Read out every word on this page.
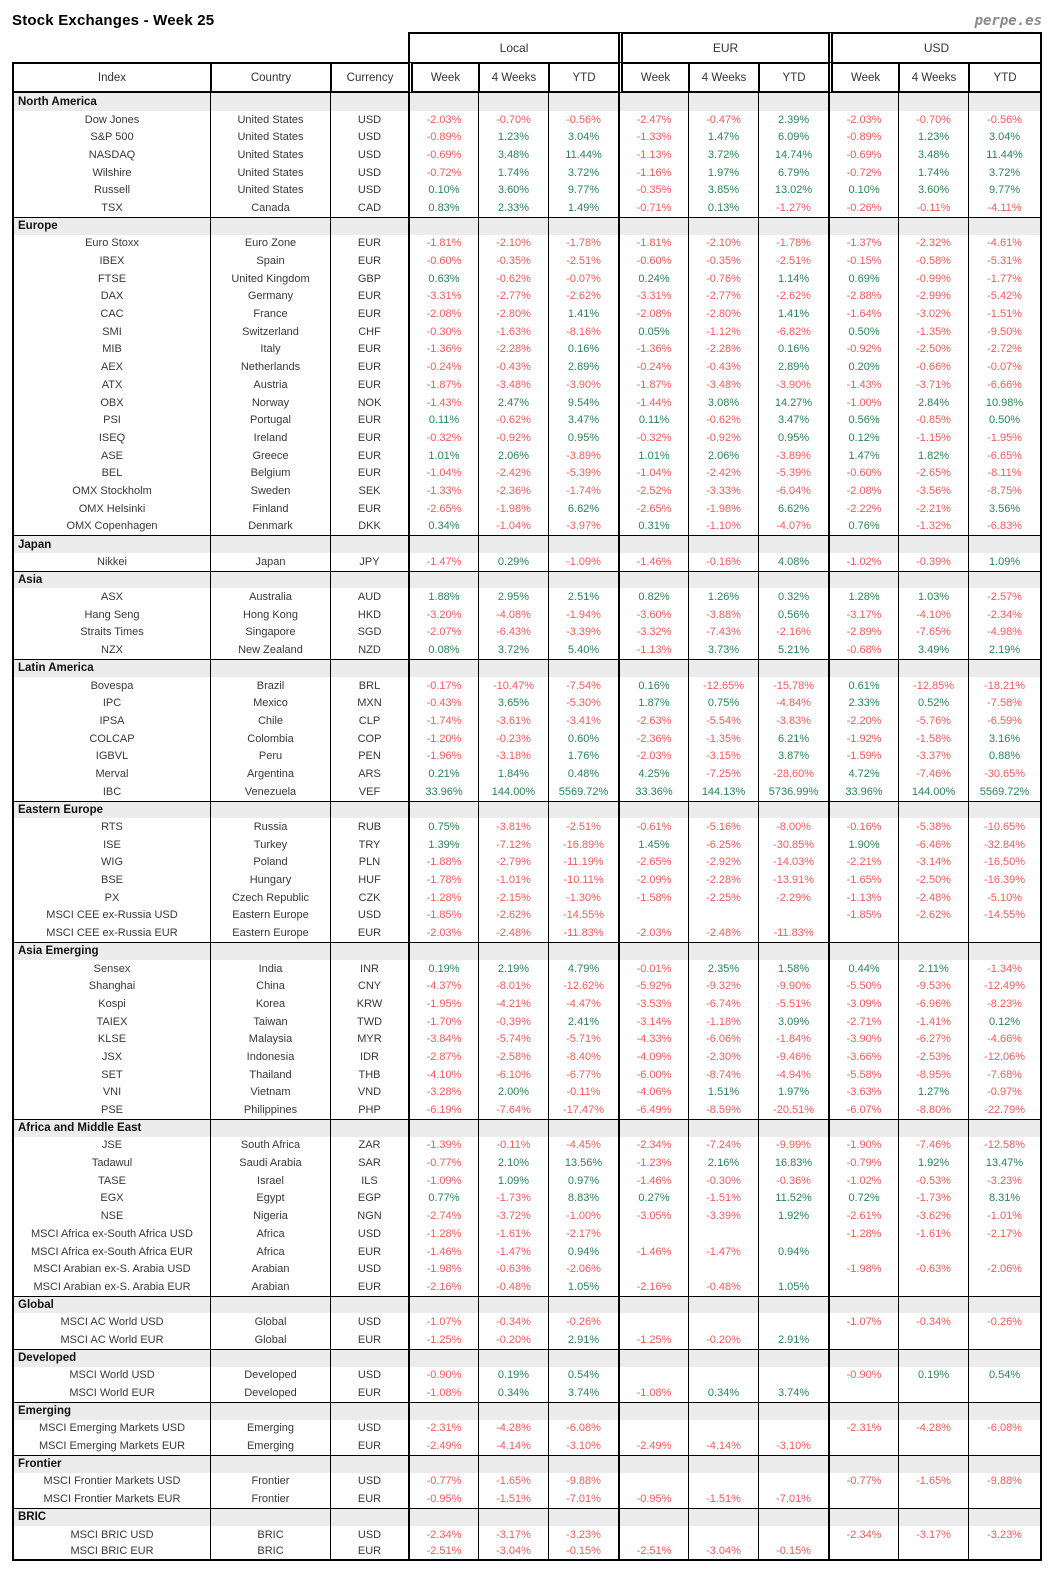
Stock Exchanges - Week 25	perpe.es
			Local			EUR			USD		
Index	Country	Currency	Week	4 Weeks	YTD	Week	4 Weeks	YTD	Week	4 Weeks	YTD
North America											
Dow Jones	United States	USD	-2.03%	-0.70%	-0.56%	-2.47%	-0.47%	2.39%	-2.03%	-0.70%	-0.56%
S&P 500	United States	USD	-0.89%	1.23%	3.04%	-1.33%	1.47%	6.09%	-0.89%	1.23%	3.04%
NASDAQ	United States	USD	-0.69%	3.48%	11.44%	-1.13%	3.72%	14.74%	-0.69%	3.48%	11.44%
Wilshire	United States	USD	-0.72%	1.74%	3.72%	-1.16%	1.97%	6.79%	-0.72%	1.74%	3.72%
Russell	United States	USD	0.10%	3.60%	9.77%	-0.35%	3.85%	13.02%	0.10%	3.60%	9.77%
TSX	Canada	CAD	0.83%	2.33%	1.49%	-0.71%	0.13%	-1.27%	-0.26%	-0.11%	-4.11%
Europe											
Euro Stoxx	Euro Zone	EUR	-1.81%	-2.10%	-1.78%	-1.81%	-2.10%	-1.78%	-1.37%	-2.32%	-4.61%
IBEX	Spain	EUR	-0.60%	-0.35%	-2.51%	-0.60%	-0.35%	-2.51%	-0.15%	-0.58%	-5.31%
FTSE	United Kingdom	GBP	0.63%	-0.62%	-0.07%	0.24%	-0.76%	1.14%	0.69%	-0.99%	-1.77%
DAX	Germany	EUR	-3.31%	-2.77%	-2.62%	-3.31%	-2.77%	-2.62%	-2.88%	-2.99%	-5.42%
CAC	France	EUR	-2.08%	-2.80%	1.41%	-2.08%	-2.80%	1.41%	-1.64%	-3.02%	-1.51%
SMI	Switzerland	CHF	-0.30%	-1.63%	-8.16%	0.05%	-1.12%	-6.82%	0.50%	-1.35%	-9.50%
MIB	Italy	EUR	-1.36%	-2.28%	0.16%	-1.36%	-2.28%	0.16%	-0.92%	-2.50%	-2.72%
AEX	Netherlands	EUR	-0.24%	-0.43%	2.89%	-0.24%	-0.43%	2.89%	0.20%	-0.66%	-0.07%
ATX	Austria	EUR	-1.87%	-3.48%	-3.90%	-1.87%	-3.48%	-3.90%	-1.43%	-3.71%	-6.66%
OBX	Norway	NOK	-1.43%	2.47%	9.54%	-1.44%	3.08%	14.27%	-1.00%	2.84%	10.98%
PSI	Portugal	EUR	0.11%	-0.62%	3.47%	0.11%	-0.62%	3.47%	0.56%	-0.85%	0.50%
ISEQ	Ireland	EUR	-0.32%	-0.92%	0.95%	-0.32%	-0.92%	0.95%	0.12%	-1.15%	-1.95%
ASE	Greece	EUR	1.01%	2.06%	-3.89%	1.01%	2.06%	-3.89%	1.47%	1.82%	-6.65%
BEL	Belgium	EUR	-1.04%	-2.42%	-5.39%	-1.04%	-2.42%	-5.39%	-0.60%	-2.65%	-8.11%
OMX Stockholm	Sweden	SEK	-1.33%	-2.36%	-1.74%	-2.52%	-3.33%	-6.04%	-2.08%	-3.56%	-8.75%
OMX Helsinki	Finland	EUR	-2.65%	-1.98%	6.62%	-2.65%	-1.98%	6.62%	-2.22%	-2.21%	3.56%
OMX Copenhagen	Denmark	DKK	0.34%	-1.04%	-3.97%	0.31%	-1.10%	-4.07%	0.76%	-1.32%	-6.83%
Japan											
Nikkei	Japan	JPY	-1.47%	0.29%	-1.09%	-1.46%	-0.16%	4.08%	-1.02%	-0.39%	1.09%
Asia											
ASX	Australia	AUD	1.88%	2.95%	2.51%	0.82%	1.26%	0.32%	1.28%	1.03%	-2.57%
Hang Seng	Hong Kong	HKD	-3.20%	-4.08%	-1.94%	-3.60%	-3.88%	0.56%	-3.17%	-4.10%	-2.34%
Straits Times	Singapore	SGD	-2.07%	-6.43%	-3.39%	-3.32%	-7.43%	-2.16%	-2.89%	-7.65%	-4.98%
NZX	New Zealand	NZD	0.08%	3.72%	5.40%	-1.13%	3.73%	5.21%	-0.68%	3.49%	2.19%
Latin America											
Bovespa	Brazil	BRL	-0.17%	-10.47%	-7.54%	0.16%	-12.65%	-15.78%	0.61%	-12.85%	-18.21%
IPC	Mexico	MXN	-0.43%	3.65%	-5.30%	1.87%	0.75%	-4.84%	2.33%	0.52%	-7.58%
IPSA	Chile	CLP	-1.74%	-3.61%	-3.41%	-2.63%	-5.54%	-3.83%	-2.20%	-5.76%	-6.59%
COLCAP	Colombia	COP	-1.20%	-0.23%	0.60%	-2.36%	-1.35%	6.21%	-1.92%	-1.58%	3.16%
IGBVL	Peru	PEN	-1.96%	-3.18%	1.76%	-2.03%	-3.15%	3.87%	-1.59%	-3.37%	0.88%
Merval	Argentina	ARS	0.21%	1.84%	0.48%	4.25%	-7.25%	-28.60%	4.72%	-7.46%	-30.65%
IBC	Venezuela	VEF	33.96%	144.00%	5569.72%	33.36%	144.13%	5736.99%	33.96%	144.00%	5569.72%
Eastern Europe											
RTS	Russia	RUB	0.75%	-3.81%	-2.51%	-0.61%	-5.16%	-8.00%	-0.16%	-5.38%	-10.65%
ISE	Turkey	TRY	1.39%	-7.12%	-16.89%	1.45%	-6.25%	-30.85%	1.90%	-6.46%	-32.84%
WIG	Poland	PLN	-1.88%	-2.79%	-11.19%	-2.65%	-2.92%	-14.03%	-2.21%	-3.14%	-16.50%
BSE	Hungary	HUF	-1.78%	-1.01%	-10.11%	-2.09%	-2.28%	-13.91%	-1.65%	-2.50%	-16.39%
PX	Czech Republic	CZK	-1.28%	-2.15%	-1.30%	-1.58%	-2.25%	-2.29%	-1.13%	-2.48%	-5.10%
MSCI CEE ex-Russia USD	Eastern Europe	USD	-1.85%	-2.62%	-14.55%				-1.85%	-2.62%	-14.55%
MSCI CEE ex-Russia EUR	Eastern Europe	EUR	-2.03%	-2.48%	-11.83%	-2.03%	-2.48%	-11.83%			
Asia Emerging											
Sensex	India	INR	0.19%	2.19%	4.79%	-0.01%	2.35%	1.58%	0.44%	2.11%	-1.34%
Shanghai	China	CNY	-4.37%	-8.01%	-12.62%	-5.92%	-9.32%	-9.90%	-5.50%	-9.53%	-12.49%
Kospi	Korea	KRW	-1.95%	-4.21%	-4.47%	-3.53%	-6.74%	-5.51%	-3.09%	-6.96%	-8.23%
TAIEX	Taiwan	TWD	-1.70%	-0.39%	2.41%	-3.14%	-1.18%	3.09%	-2.71%	-1.41%	0.12%
KLSE	Malaysia	MYR	-3.84%	-5.74%	-5.71%	-4.33%	-6.06%	-1.84%	-3.90%	-6.27%	-4.66%
JSX	Indonesia	IDR	-2.87%	-2.58%	-8.40%	-4.09%	-2.30%	-9.46%	-3.66%	-2.53%	-12.06%
SET	Thailand	THB	-4.10%	-6.10%	-6.77%	-6.00%	-8.74%	-4.94%	-5.58%	-8.95%	-7.68%
VNI	Vietnam	VND	-3.28%	2.00%	-0.11%	-4.06%	1.51%	1.97%	-3.63%	1.27%	-0.97%
PSE	Philippines	PHP	-6.19%	-7.64%	-17.47%	-6.49%	-8.59%	-20.51%	-6.07%	-8.80%	-22.79%
Africa and Middle East											
JSE	South Africa	ZAR	-1.39%	-0.11%	-4.45%	-2.34%	-7.24%	-9.99%	-1.90%	-7.46%	-12.58%
Tadawul	Saudi Arabia	SAR	-0.77%	2.10%	13.56%	-1.23%	2.16%	16.83%	-0.79%	1.92%	13.47%
TASE	Israel	ILS	-1.09%	1.09%	0.97%	-1.46%	-0.30%	-0.36%	-1.02%	-0.53%	-3.23%
EGX	Egypt	EGP	0.77%	-1.73%	8.83%	0.27%	-1.51%	11.52%	0.72%	-1.73%	8.31%
NSE	Nigeria	NGN	-2.74%	-3.72%	-1.00%	-3.05%	-3.39%	1.92%	-2.61%	-3.62%	-1.01%
MSCI Africa ex-South Africa USD	Africa	USD	-1.28%	-1.61%	-2.17%				-1.28%	-1.61%	-2.17%
MSCI Africa ex-South Africa EUR	Africa	EUR	-1.46%	-1.47%	0.94%	-1.46%	-1.47%	0.94%			
MSCI Arabian ex-S. Arabia USD	Arabian	USD	-1.98%	-0.63%	-2.06%				-1.98%	-0.63%	-2.06%
MSCI Arabian ex-S. Arabia EUR	Arabian	EUR	-2.16%	-0.48%	1.05%	-2.16%	-0.48%	1.05%			
Global											
MSCI AC World USD	Global	USD	-1.07%	-0.34%	-0.26%				-1.07%	-0.34%	-0.26%
MSCI AC World EUR	Global	EUR	-1.25%	-0.20%	2.91%	-1.25%	-0.20%	2.91%			
Developed											
MSCI World USD	Developed	USD	-0.90%	0.19%	0.54%				-0.90%	0.19%	0.54%
MSCI World EUR	Developed	EUR	-1.08%	0.34%	3.74%	-1.08%	0.34%	3.74%			
Emerging											
MSCI Emerging Markets USD	Emerging	USD	-2.31%	-4.28%	-6.08%				-2.31%	-4.28%	-6.08%
MSCI Emerging Markets EUR	Emerging	EUR	-2.49%	-4.14%	-3.10%	-2.49%	-4.14%	-3.10%			
Frontier											
MSCI Frontier Markets USD	Frontier	USD	-0.77%	-1.65%	-9.88%				-0.77%	-1.65%	-9.88%
MSCI Frontier Markets EUR	Frontier	EUR	-0.95%	-1.51%	-7.01%	-0.95%	-1.51%	-7.01%			
BRIC											
MSCI BRIC USD	BRIC	USD	-2.34%	-3.17%	-3.23%				-2.34%	-3.17%	-3.23%
MSCI BRIC EUR	BRIC	EUR	-2.51%	-3.04%	-0.15%	-2.51%	-3.04%	-0.15%			
